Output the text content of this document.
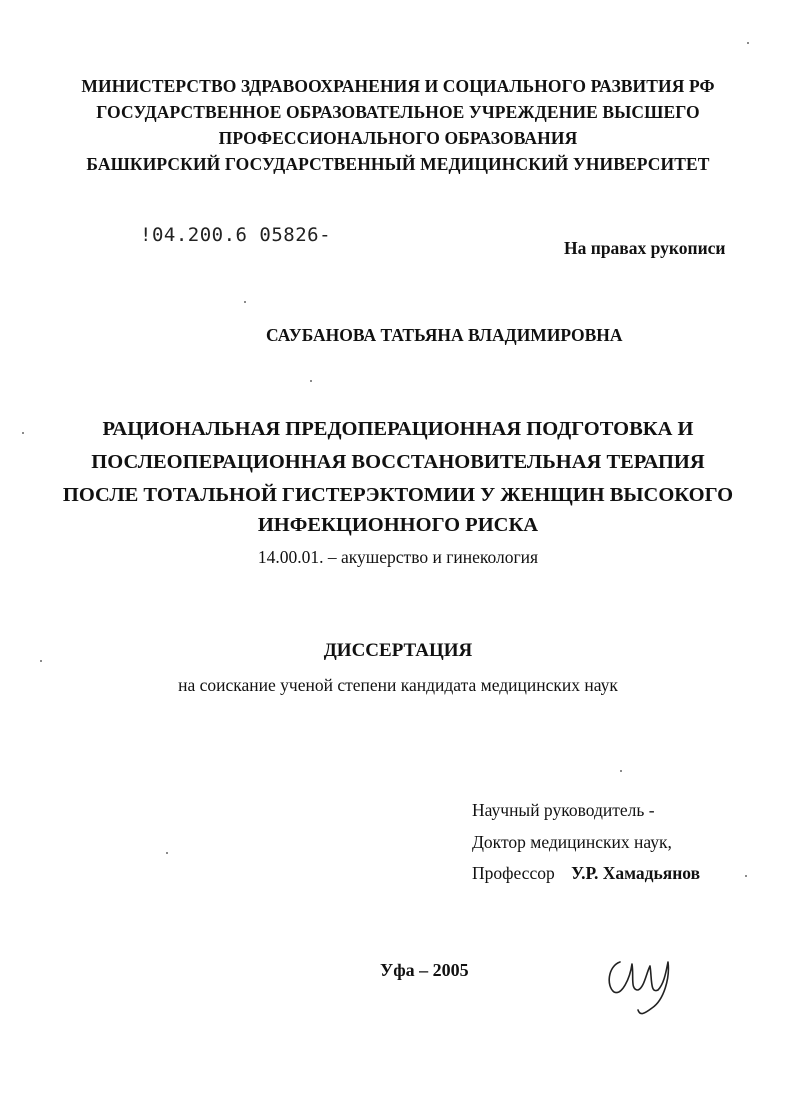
МИНИСТЕРСТВО ЗДРАВООХРАНЕНИЯ И СОЦИАЛЬНОГО РАЗВИТИЯ РФ
ГОСУДАРСТВЕННОЕ ОБРАЗОВАТЕЛЬНОЕ УЧРЕЖДЕНИЕ ВЫСШЕГО
ПРОФЕССИОНАЛЬНОГО ОБРАЗОВАНИЯ
БАШКИРСКИЙ ГОСУДАРСТВЕННЫЙ МЕДИЦИНСКИЙ УНИВЕРСИТЕТ
!04.200.6 05826-
На правах рукописи
САУБАНОВА ТАТЬЯНА ВЛАДИМИРОВНА
РАЦИОНАЛЬНАЯ ПРЕДОПЕРАЦИОННАЯ ПОДГОТОВКА И
ПОСЛЕОПЕРАЦИОННАЯ ВОССТАНОВИТЕЛЬНАЯ ТЕРАПИЯ
ПОСЛЕ ТОТАЛЬНОЙ ГИСТЕРЭКТОМИИ У ЖЕНЩИН ВЫСОКОГО
ИНФЕКЦИОННОГО РИСКА
14.00.01. – акушерство и гинекология
ДИССЕРТАЦИЯ
на соискание ученой степени кандидата медицинских наук
Научный руководитель -
Доктор медицинских наук,
Профессор У.Р. Хамадьянов
Уфа – 2005
